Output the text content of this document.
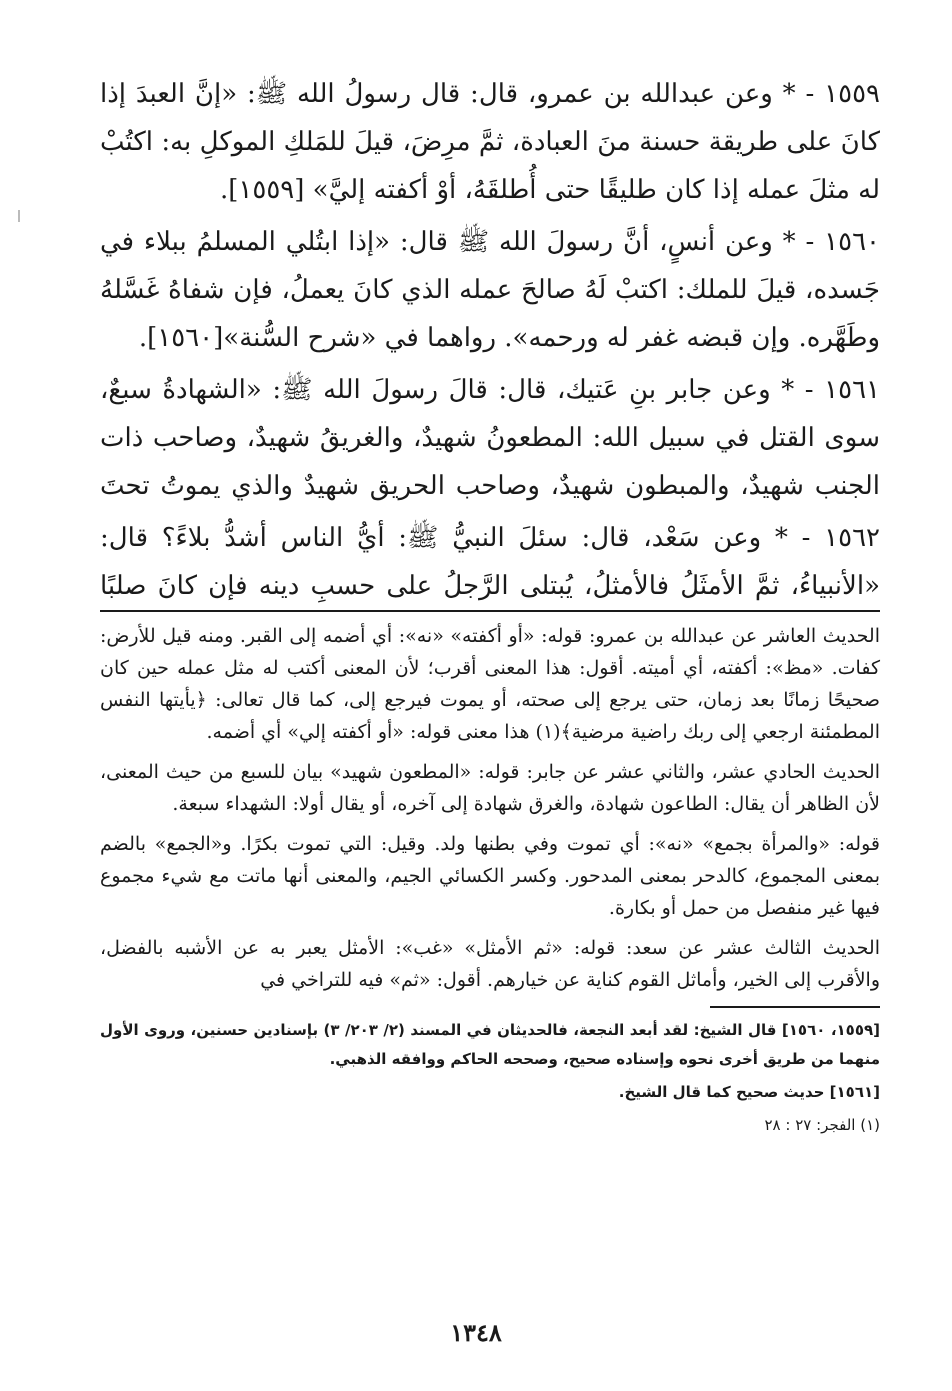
١٥٥٩ - * وعن عبدالله بن عمرو، قال: قال رسولُ الله ﷺ: «إنَّ العبدَ إذا كانَ على طريقة حسنة منَ العبادة، ثمَّ مرِضَ، قيلَ للمَلكِ الموكلِ به: اكتُبْ له مثلَ عمله إذا كان طليقًا حتى أُطلقَهُ، أوْ أكفته إليَّ» [١٥٥٩].

١٥٦٠ - * وعن أنسٍ، أنَّ رسولَ الله ﷺ قال: «إذا ابتُلي المسلمُ ببلاء في جَسده، قيلَ للملك: اكتبْ لَهُ صالحَ عمله الذي كانَ يعملُ، فإن شفاهُ غَسَّلهُ وطَهَّره. وإن قبضه غفر له ورحمه». رواهما في «شرح السُّنة»[١٥٦٠].

١٥٦١ - * وعن جابر بنِ عَتيك، قال: قالَ رسولَ الله ﷺ: «الشهادةُ سبعٌ، سوى القتل في سبيل الله: المطعونُ شهيدٌ، والغريقُ شهيدٌ، وصاحب ذات الجنب شهيدٌ، والمبطون شهيدٌ، وصاحب الحريق شهيدٌ والذي يموتُ تحتَ

١٥٦٢ - * وعن سَعْد، قال: سئلَ النبيُّ ﷺ: أيُّ الناس أشدُّ بلاءً؟ قال: «الأنبياءُ، ثمَّ الأمثَلُ فالأمثلُ، يُبتلى الرَّجلُ على حسبِ دينه فإن كانَ صلبًا

الحديث العاشر عن عبدالله بن عمرو: قوله: «أو أكفته» «نه»: أي أضمه إلى القبر. ومنه قيل للأرض: كفات. «مظ»: أكفته، أي أميته. أقول: هذا المعنى أقرب؛ لأن المعنى أكتب له مثل عمله حين كان صحيحًا زمانًا بعد زمان، حتى يرجع إلى صحته، أو يموت فيرجع إلى، كما قال تعالى: ﴿يأيتها النفس المطمئنة ارجعي إلى ربك راضية مرضية﴾(١) هذا معنى قوله: «أو أكفته إلي» أي أضمه.

الحديث الحادي عشر، والثاني عشر عن جابر: قوله: «المطعون شهيد» بيان للسبع من حيث المعنى، لأن الظاهر أن يقال: الطاعون شهادة، والغرق شهادة إلى آخره، أو يقال أولا: الشهداء سبعة.

قوله: «والمرأة بجمع» «نه»: أي تموت وفي بطنها ولد. وقيل: التي تموت بكرًا. و«الجمع» بالضم بمعنى المجموع، كالدحر بمعنى المدحور. وكسر الكسائي الجيم، والمعنى أنها ماتت مع شيء مجموع فيها غير منفصل من حمل أو بكارة.

الحديث الثالث عشر عن سعد: قوله: «ثم الأمثل» «غب»: الأمثل يعبر به عن الأشبه بالفضل، والأقرب إلى الخير، وأماثل القوم كناية عن خيارهم. أقول: «ثم» فيه للتراخي في

[١٥٥٩، ١٥٦٠] قال الشيخ: لقد أبعد النجعة، فالحديثان في المسند (٢/ ٢٠٣/ ٣) بإسنادين حسنين، وروى الأول منهما من طريق أخرى نحوه وإسناده صحيح، وصححه الحاكم ووافقه الذهبي.

[١٥٦١] حديث صحيح كما قال الشيخ.

(١) الفجر: ٢٧ : ٢٨

١٣٤٨
